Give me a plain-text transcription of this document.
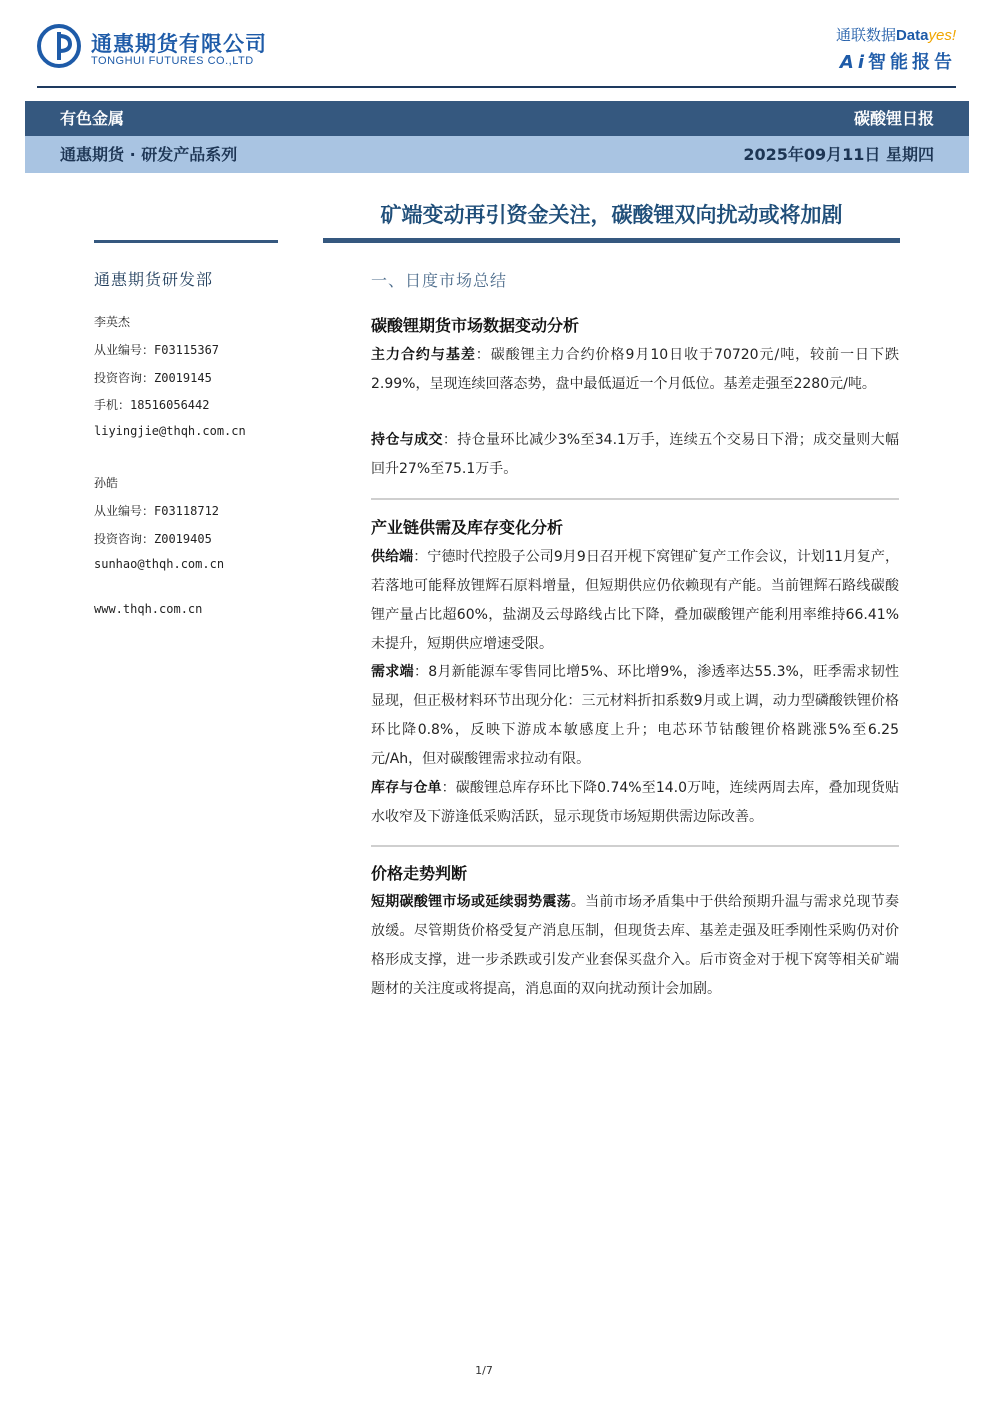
通惠期货有限公司
TONGHUI FUTURES CO.,LTD
通联数据Datayes!
Ai智能报告
有色金属	碳酸锂日报
通惠期货 · 研发产品系列	2025年09月11日 星期四
矿端变动再引资金关注，碳酸锂双向扰动或将加剧
通惠期货研发部
李英杰
从业编号：F03115367
投资咨询：Z0019145
手机：18516056442
liyingjie@thqh.com.cn
孙皓
从业编号：F03118712
投资咨询：Z0019405
sunhao@thqh.com.cn
www.thqh.com.cn
一、日度市场总结
碳酸锂期货市场数据变动分析
主力合约与基差：碳酸锂主力合约价格9月10日收于70720元/吨，较前一日下跌2.99%，呈现连续回落态势，盘中最低逼近一个月低位。基差走强至2280元/吨。
持仓与成交：持仓量环比减少3%至34.1万手，连续五个交易日下滑；成交量则大幅回升27%至75.1万手。
产业链供需及库存变化分析
供给端：宁德时代控股子公司9月9日召开枧下窝锂矿复产工作会议，计划11月复产，若落地可能释放锂辉石原料增量，但短期供应仍依赖现有产能。当前锂辉石路线碳酸锂产量占比超60%，盐湖及云母路线占比下降，叠加碳酸锂产能利用率维持66.41%未提升，短期供应增速受限。
需求端：8月新能源车零售同比增5%、环比增9%，渗透率达55.3%，旺季需求韧性显现，但正极材料环节出现分化：三元材料折扣系数9月或上调，动力型磷酸铁锂价格环比降0.8%，反映下游成本敏感度上升；电芯环节钴酸锂价格跳涨5%至6.25元/Ah，但对碳酸锂需求拉动有限。
库存与仓单：碳酸锂总库存环比下降0.74%至14.0万吨，连续两周去库，叠加现货贴水收窄及下游逢低采购活跃，显示现货市场短期供需边际改善。
价格走势判断
短期碳酸锂市场或延续弱势震荡。当前市场矛盾集中于供给预期升温与需求兑现节奏放缓。尽管期货价格受复产消息压制，但现货去库、基差走强及旺季刚性采购仍对价格形成支撑，进一步杀跌或引发产业套保买盘介入。后市资金对于枧下窝等相关矿端题材的关注度或将提高，消息面的双向扰动预计会加剧。
1/7
